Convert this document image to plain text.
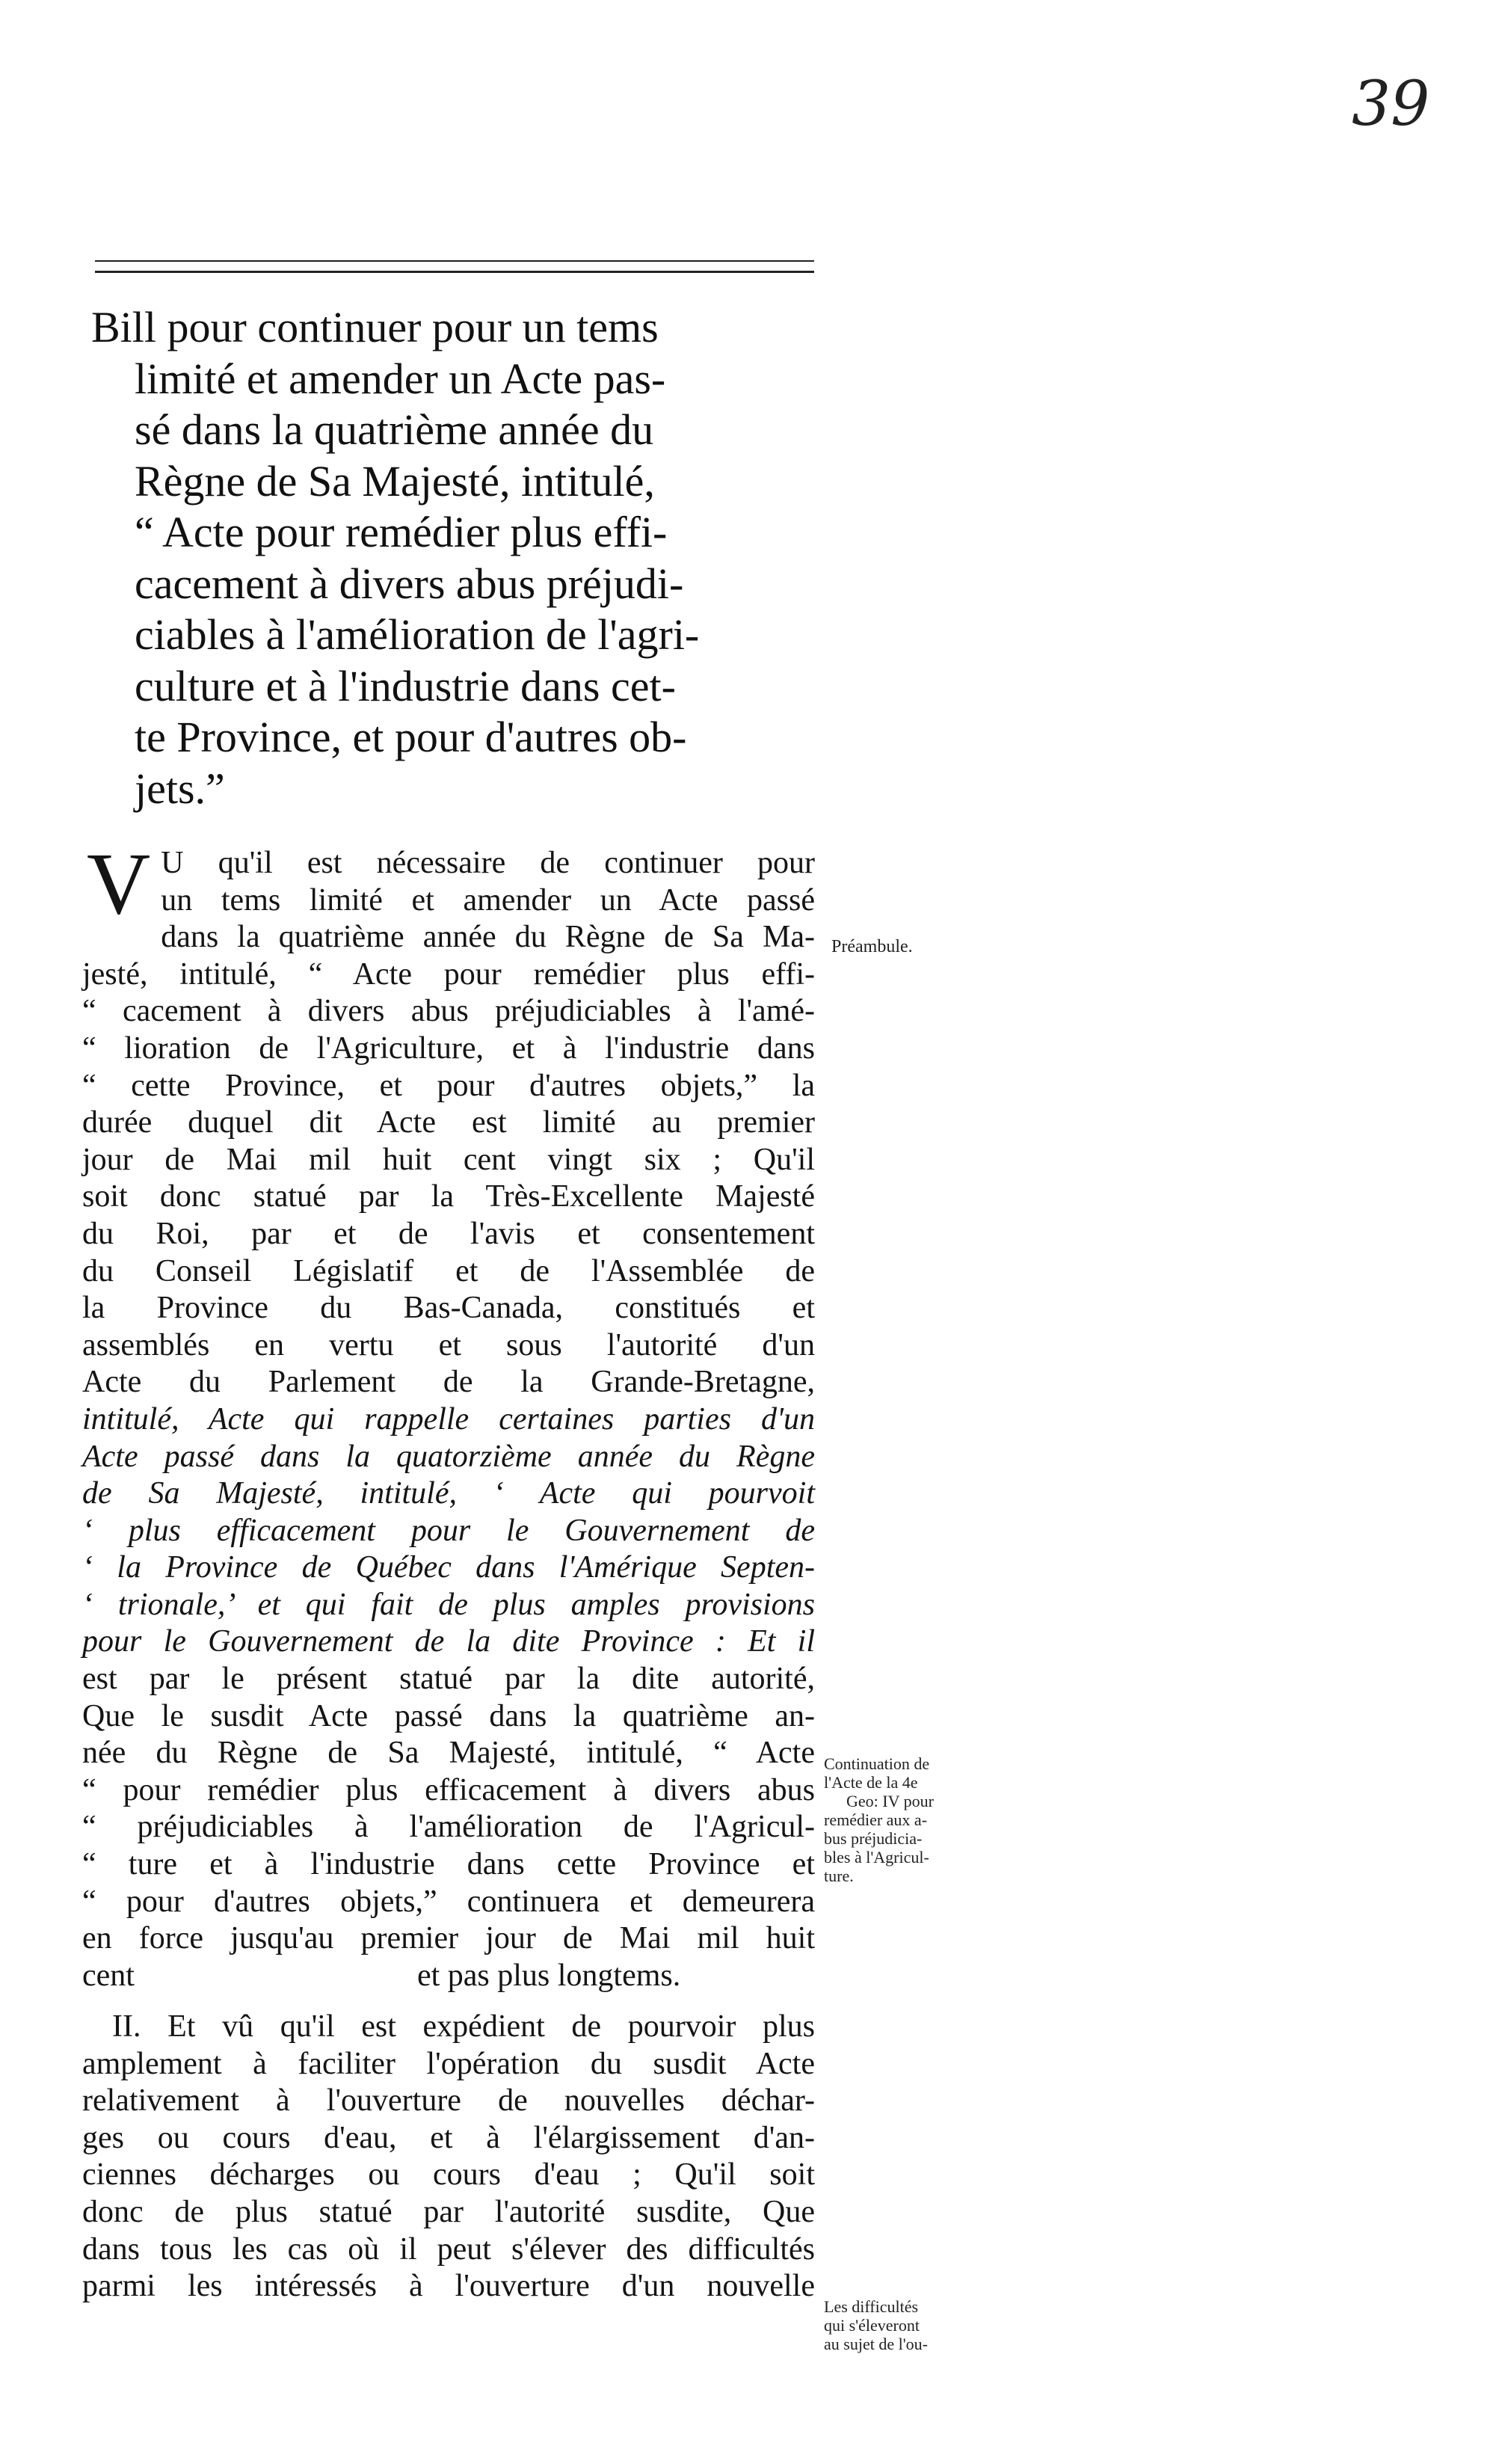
39
Bill pour continuer pour un tems
limité et amender un Acte pas-
sé dans la quatrième année du
Règne de Sa Majesté, intitulé,
“ Acte pour remédier plus effi-
cacement à divers abus préjudi-
ciables à l'amélioration de l'agri-
culture et à l'industrie dans cet-
te Province, et pour d'autres ob-
jets.”
V U qu'il est nécessaire de continuer pour
un tems limité et amender un Acte passé
dans la quatrième année du Règne de Sa Ma-
jesté, intitulé, “ Acte pour remédier plus effi-
“ cacement à divers abus préjudiciables à l'amé-
“ lioration de l'Agriculture, et à l'industrie dans
“ cette Province, et pour d'autres objets,” la
durée duquel dit Acte est limité au premier
jour de Mai mil huit cent vingt six ; Qu'il
soit donc statué par la Très-Excellente Majesté
du Roi, par et de l'avis et consentement
du Conseil Législatif et de l'Assemblée de
la Province du Bas-Canada, constitués et
assemblés en vertu et sous l'autorité d'un
Acte du Parlement de la Grande-Bretagne,
intitulé, Acte qui rappelle certaines parties d'un
Acte passé dans la quatorzième année du Règne
de Sa Majesté, intitulé, ‘ Acte qui pourvoit
‘ plus efficacement pour le Gouvernement de
‘ la Province de Québec dans l'Amérique Septen-
‘ trionale,’ et qui fait de plus amples provisions
pour le Gouvernement de la dite Province : Et il
est par le présent statué par la dite autorité,
Que le susdit Acte passé dans la quatrième an-
née du Règne de Sa Majesté, intitulé, “ Acte
“ pour remédier plus efficacement à divers abus
“ préjudiciables à l'amélioration de l'Agricul-
“ ture et à l'industrie dans cette Province et
“ pour d'autres objets,” continuera et demeurera
en force jusqu'au premier jour de Mai mil huit
cent                                    et pas plus longtems.
II. Et vû qu'il est expédient de pourvoir plus
amplement à faciliter l'opération du susdit Acte
relativement à l'ouverture de nouvelles déchar-
ges ou cours d'eau, et à l'élargissement d'an-
ciennes décharges ou cours d'eau ; Qu'il soit
donc de plus statué par l'autorité susdite, Que
dans tous les cas où il peut s'élever des difficultés
parmi les intéressés à l'ouverture d'un nouvelle
Préambule.
Continuation de
l'Acte de la 4e
Geo: IV pour
remédier aux a-
bus préjudicia-
bles à l'Agricul-
ture.
Les difficultés
qui s'éleveront
au sujet de l'ou-
